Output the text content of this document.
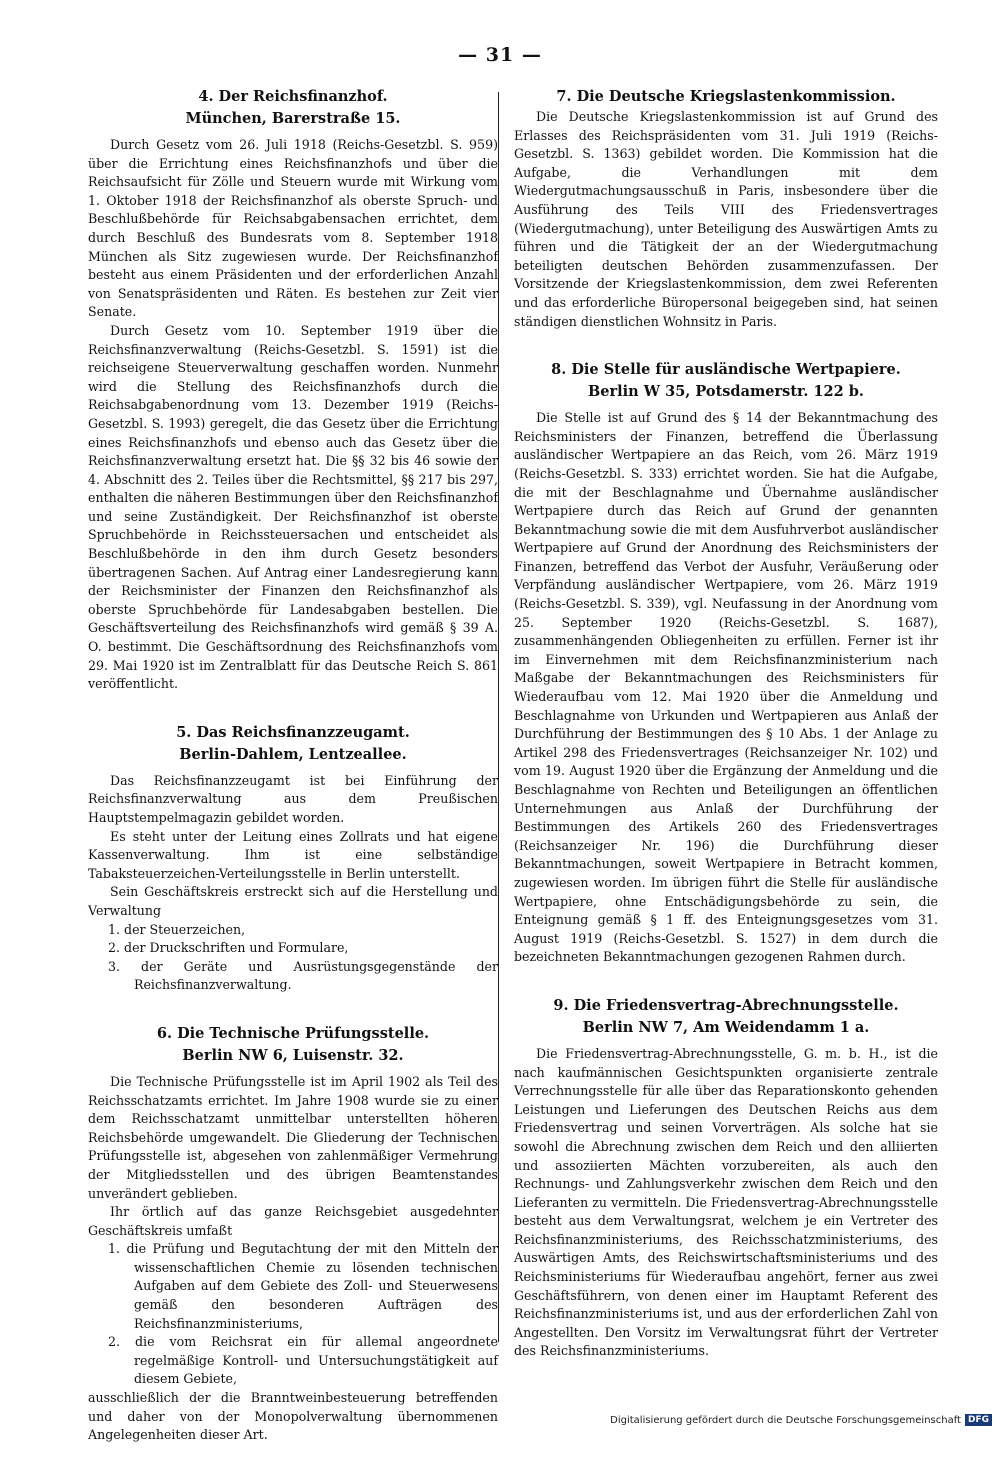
— 31 —
4. Der Reichsfinanzhof.
München, Barerstraße 15.

Durch Gesetz vom 26. Juli 1918 (Reichs-Gesetzbl. S. 959) über die Errichtung eines Reichsfinanzhofs und über die Reichsaufsicht für Zölle und Steuern wurde mit Wirkung vom 1. Oktober 1918 der Reichsfinanzhof als oberste Spruch- und Beschlußbehörde für Reichsabgabensachen errichtet, dem durch Beschluß des Bundesrats vom 8. September 1918 München als Sitz zugewiesen wurde. Der Reichsfinanzhof besteht aus einem Präsidenten und der erforderlichen Anzahl von Senatspräsidenten und Räten. Es bestehen zur Zeit vier Senate.

Durch Gesetz vom 10. September 1919 über die Reichsfinanzverwaltung (Reichs-Gesetzbl. S. 1591) ist die reichseigene Steuerverwaltung geschaffen worden. Nunmehr wird die Stellung des Reichsfinanzhofs durch die Reichsabgabenordnung vom 13. Dezember 1919 (Reichs-Gesetzbl. S. 1993) geregelt, die das Gesetz über die Errichtung eines Reichsfinanzhofs und ebenso auch das Gesetz über die Reichsfinanzverwaltung ersetzt hat. Die §§ 32 bis 46 sowie der 4. Abschnitt des 2. Teiles über die Rechtsmittel, §§ 217 bis 297, enthalten die näheren Bestimmungen über den Reichsfinanzhof und seine Zuständigkeit. Der Reichsfinanzhof ist oberste Spruchbehörde in Reichssteuersachen und entscheidet als Beschlußbehörde in den ihm durch Gesetz besonders übertragenen Sachen. Auf Antrag einer Landesregierung kann der Reichsminister der Finanzen den Reichsfinanzhof als oberste Spruchbehörde für Landesabgaben bestellen. Die Geschäftsverteilung des Reichsfinanzhofs wird gemäß § 39 A. O. bestimmt. Die Geschäftsordnung des Reichsfinanzhofs vom 29. Mai 1920 ist im Zentralblatt für das Deutsche Reich S. 861 veröffentlicht.

5. Das Reichsfinanzzeugamt.
Berlin-Dahlem, Lentzeallee.

Das Reichsfinanzzeugamt ist bei Einführung der Reichsfinanzverwaltung aus dem Preußischen Hauptstempelmagazin gebildet worden.

Es steht unter der Leitung eines Zollrats und hat eigene Kassenverwaltung. Ihm ist eine selbständige Tabaksteuerzeichen-Verteilungsstelle in Berlin unterstellt.

Sein Geschäftskreis erstreckt sich auf die Herstellung und Verwaltung

1. der Steuerzeichen,
2. der Druckschriften und Formulare,
3. der Geräte und Ausrüstungsgegenstände der Reichsfinanzverwaltung.
6. Die Technische Prüfungsstelle.
Berlin NW 6, Luisenstr. 32.

Die Technische Prüfungsstelle ist im April 1902 als Teil des Reichsschatzamts errichtet. Im Jahre 1908 wurde sie zu einer dem Reichsschatzamt unmittelbar unterstellten höheren Reichsbehörde umgewandelt. Die Gliederung der Technischen Prüfungsstelle ist, abgesehen von zahlenmäßiger Vermehrung der Mitgliedsstellen und des übrigen Beamtenstandes unverändert geblieben.

Ihr örtlich auf das ganze Reichsgebiet ausgedehnter Geschäftskreis umfaßt

1. die Prüfung und Begutachtung der mit den Mitteln der wissenschaftlichen Chemie zu lösenden technischen Aufgaben auf dem Gebiete des Zoll- und Steuerwesens gemäß den besonderen Aufträgen des Reichsfinanzministeriums,
2. die vom Reichsrat ein für allemal angeordnete regelmäßige Kontroll- und Untersuchungstätigkeit auf diesem Gebiete,

ausschließlich der die Branntweinbesteuerung betreffenden und daher von der Monopolverwaltung übernommenen Angelegenheiten dieser Art.

7. Die Deutsche Kriegslastenkommission.

Die Deutsche Kriegslastenkommission ist auf Grund des Erlasses des Reichspräsidenten vom 31. Juli 1919 (Reichs-Gesetzbl. S. 1363) gebildet worden. Die Kommission hat die Aufgabe, die Verhandlungen mit dem Wiedergutmachungsausschuß in Paris, insbesondere über die Ausführung des Teils VIII des Friedensvertrages (Wiedergutmachung), unter Beteiligung des Auswärtigen Amts zu führen und die Tätigkeit der an der Wiedergutmachung beteiligten deutschen Behörden zusammenzufassen. Der Vorsitzende der Kriegslastenkommission, dem zwei Referenten und das erforderliche Büropersonal beigegeben sind, hat seinen ständigen dienstlichen Wohnsitz in Paris.

8. Die Stelle für ausländische Wertpapiere.
Berlin W 35, Potsdamerstr. 122 b.

Die Stelle ist auf Grund des § 14 der Bekanntmachung des Reichsministers der Finanzen, betreffend die Überlassung ausländischer Wertpapiere an das Reich, vom 26. März 1919 (Reichs-Gesetzbl. S. 333) errichtet worden. Sie hat die Aufgabe, die mit der Beschlagnahme und Übernahme ausländischer Wertpapiere durch das Reich auf Grund der genannten Bekanntmachung sowie die mit dem Ausfuhrverbot ausländischer Wertpapiere auf Grund der Anordnung des Reichsministers der Finanzen, betreffend das Verbot der Ausfuhr, Veräußerung oder Verpfändung ausländischer Wertpapiere, vom 26. März 1919 (Reichs-Gesetzbl. S. 339), vgl. Neufassung in der Anordnung vom 25. September 1920 (Reichs-Gesetzbl. S. 1687), zusammenhängenden Obliegenheiten zu erfüllen. Ferner ist ihr im Einvernehmen mit dem Reichsfinanzministerium nach Maßgabe der Bekanntmachungen des Reichsministers für Wiederaufbau vom 12. Mai 1920 über die Anmeldung und Beschlagnahme von Urkunden und Wertpapieren aus Anlaß der Durchführung der Bestimmungen des § 10 Abs. 1 der Anlage zu Artikel 298 des Friedensvertrages (Reichsanzeiger Nr. 102) und vom 19. August 1920 über die Ergänzung der Anmeldung und die Beschlagnahme von Rechten und Beteiligungen an öffentlichen Unternehmungen aus Anlaß der Durchführung der Bestimmungen des Artikels 260 des Friedensvertrages (Reichsanzeiger Nr. 196) die Durchführung dieser Bekanntmachungen, soweit Wertpapiere in Betracht kommen, zugewiesen worden. Im übrigen führt die Stelle für ausländische Wertpapiere, ohne Entschädigungsbehörde zu sein, die Enteignung gemäß § 1 ff. des Enteignungsgesetzes vom 31. August 1919 (Reichs-Gesetzbl. S. 1527) in dem durch die bezeichneten Bekanntmachungen gezogenen Rahmen durch.

9. Die Friedensvertrag-Abrechnungsstelle.
Berlin NW 7, Am Weidendamm 1 a.

Die Friedensvertrag-Abrechnungsstelle, G. m. b. H., ist die nach kaufmännischen Gesichtspunkten organisierte zentrale Verrechnungsstelle für alle über das Reparationskonto gehenden Leistungen und Lieferungen des Deutschen Reichs aus dem Friedensvertrag und seinen Vorverträgen. Als solche hat sie sowohl die Abrechnung zwischen dem Reich und den alliierten und assoziierten Mächten vorzubereiten, als auch den Rechnungs- und Zahlungsverkehr zwischen dem Reich und den Lieferanten zu vermitteln. Die Friedensvertrag-Abrechnungsstelle besteht aus dem Verwaltungsrat, welchem je ein Vertreter des Reichsfinanzministeriums, des Reichsschatzministeriums, des Auswärtigen Amts, des Reichswirtschaftsministeriums und des Reichsministeriums für Wiederaufbau angehört, ferner aus zwei Geschäftsführern, von denen einer im Hauptamt Referent des Reichsfinanzministeriums ist, und aus der erforderlichen Zahl von Angestellten. Den Vorsitz im Verwaltungsrat führt der Vertreter des Reichsfinanzministeriums.

Digitalisierung gefördert durch die Deutsche Forschungsgemeinschaft DFG
